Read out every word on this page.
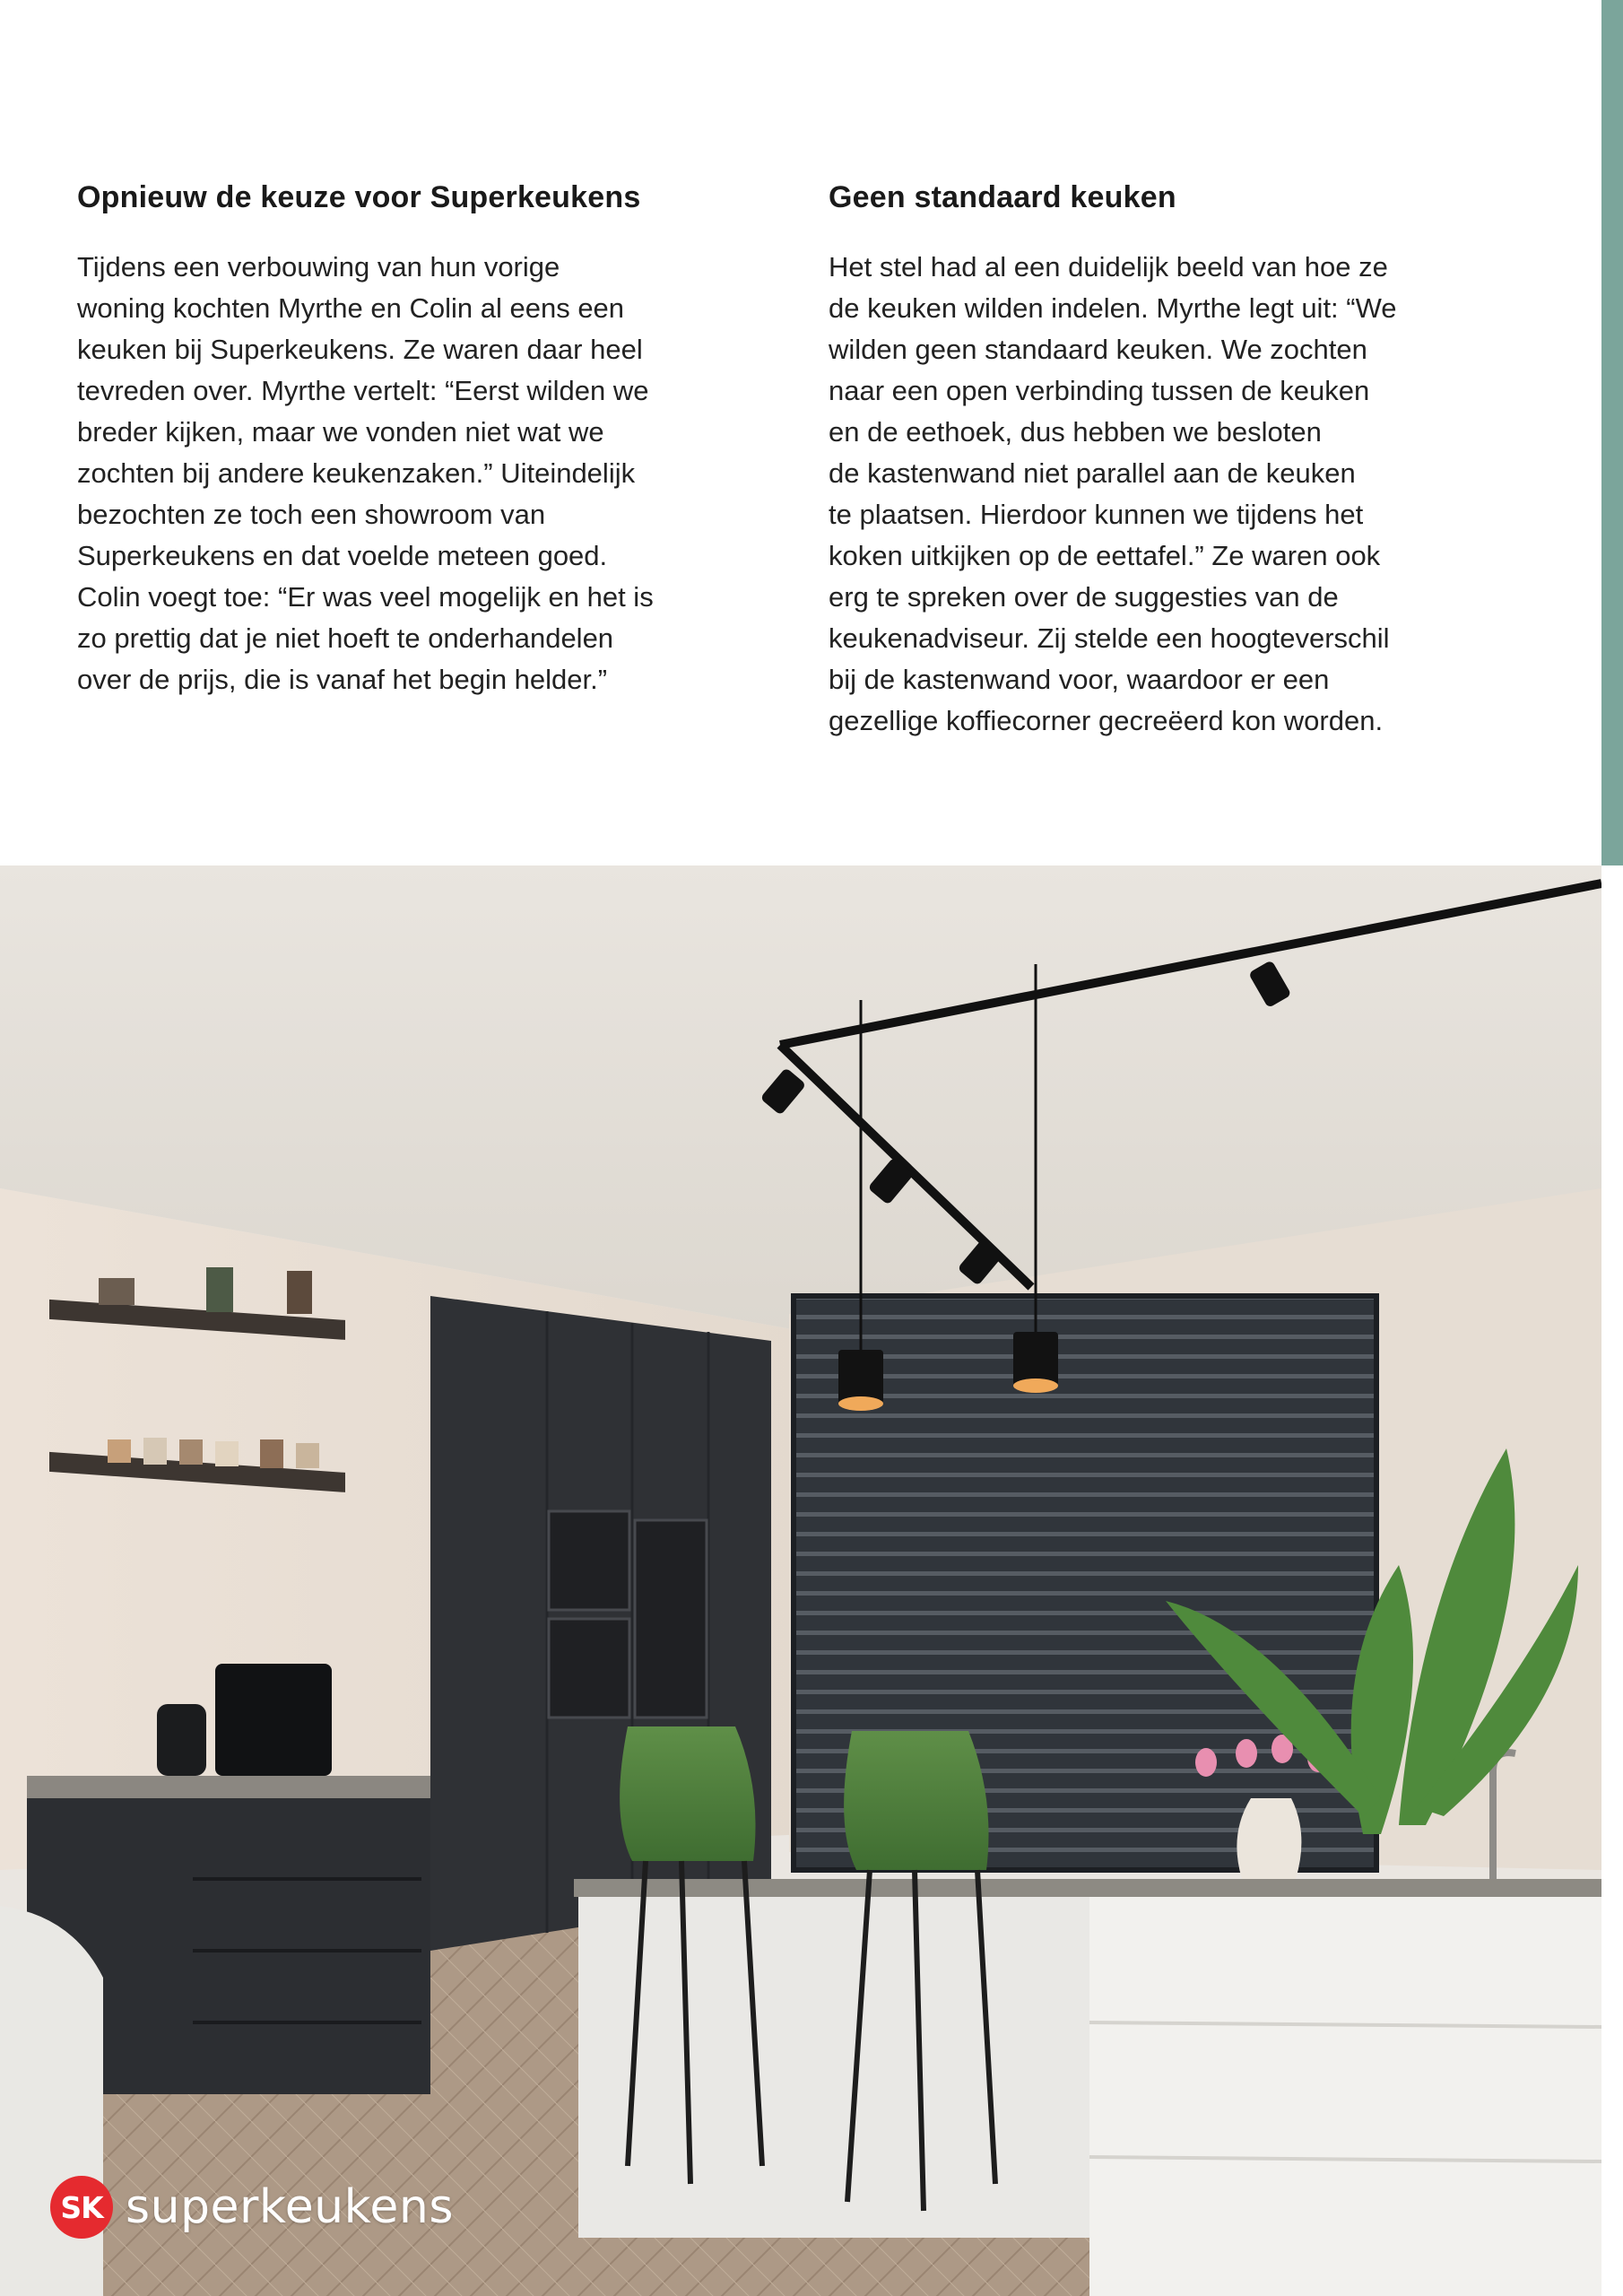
Opnieuw de keuze voor Superkeukens

Tijdens een verbouwing van hun vorige
woning kochten Myrthe en Colin al eens een
keuken bij Superkeukens. Ze waren daar heel
tevreden over. Myrthe vertelt: “Eerst wilden we
breder kijken, maar we vonden niet wat we
zochten bij andere keukenzaken.” Uiteindelijk
bezochten ze toch een showroom van
Superkeukens en dat voelde meteen goed.
Colin voegt toe: “Er was veel mogelijk en het is
zo prettig dat je niet hoeft te onderhandelen
over de prijs, die is vanaf het begin helder.”

Geen standaard keuken

Het stel had al een duidelijk beeld van hoe ze
de keuken wilden indelen. Myrthe legt uit: “We
wilden geen standaard keuken. We zochten
naar een open verbinding tussen de keuken
en de eethoek, dus hebben we besloten
de kastenwand niet parallel aan de keuken
te plaatsen. Hierdoor kunnen we tijdens het
koken uitkijken op de eettafel.” Ze waren ook
erg te spreken over de suggesties van de
keukenadviseur. Zij stelde een hoogteverschil
bij de kastenwand voor, waardoor er een
gezellige koffiecorner gecreëerd kon worden.

SK superkeukens
